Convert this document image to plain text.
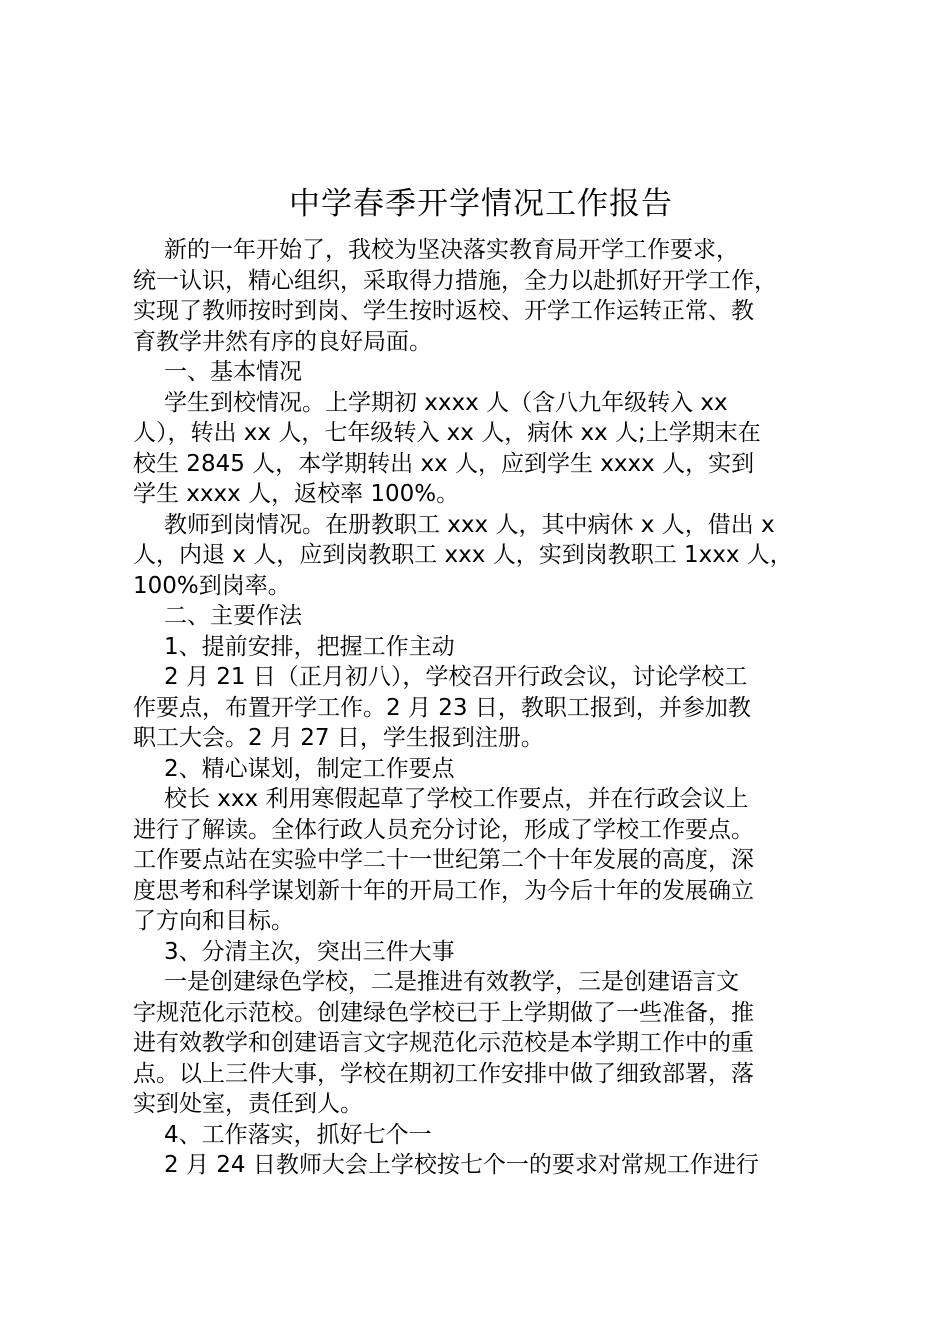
中学春季开学情况工作报告
新的一年开始了，我校为坚决落实教育局开学工作要求，
统一认识，精心组织，采取得力措施，全力以赴抓好开学工作，
实现了教师按时到岗、学生按时返校、开学工作运转正常、教
育教学井然有序的良好局面。
一、基本情况
学生到校情况。上学期初 xxxx 人（含八九年级转入 xx
人），转出 xx 人，七年级转入 xx 人，病休 xx 人;上学期末在
校生 2845 人，本学期转出 xx 人，应到学生 xxxx 人，实到
学生 xxxx 人，返校率 100%。
教师到岗情况。在册教职工 xxx 人，其中病休 x 人，借出 x
人，内退 x 人，应到岗教职工 xxx 人，实到岗教职工 1xxx 人，
100%到岗率。
二、主要作法
1、提前安排，把握工作主动
2 月 21 日（正月初八），学校召开行政会议，讨论学校工
作要点，布置开学工作。2 月 23 日，教职工报到，并参加教
职工大会。2 月 27 日，学生报到注册。
2、精心谋划，制定工作要点
校长 xxx 利用寒假起草了学校工作要点，并在行政会议上
进行了解读。全体行政人员充分讨论，形成了学校工作要点。
工作要点站在实验中学二十一世纪第二个十年发展的高度，深
度思考和科学谋划新十年的开局工作，为今后十年的发展确立
了方向和目标。
3、分清主次，突出三件大事
一是创建绿色学校，二是推进有效教学，三是创建语言文
字规范化示范校。创建绿色学校已于上学期做了一些准备，推
进有效教学和创建语言文字规范化示范校是本学期工作中的重
点。以上三件大事，学校在期初工作安排中做了细致部署，落
实到处室，责任到人。
4、工作落实，抓好七个一
2 月 24 日教师大会上学校按七个一的要求对常规工作进行
